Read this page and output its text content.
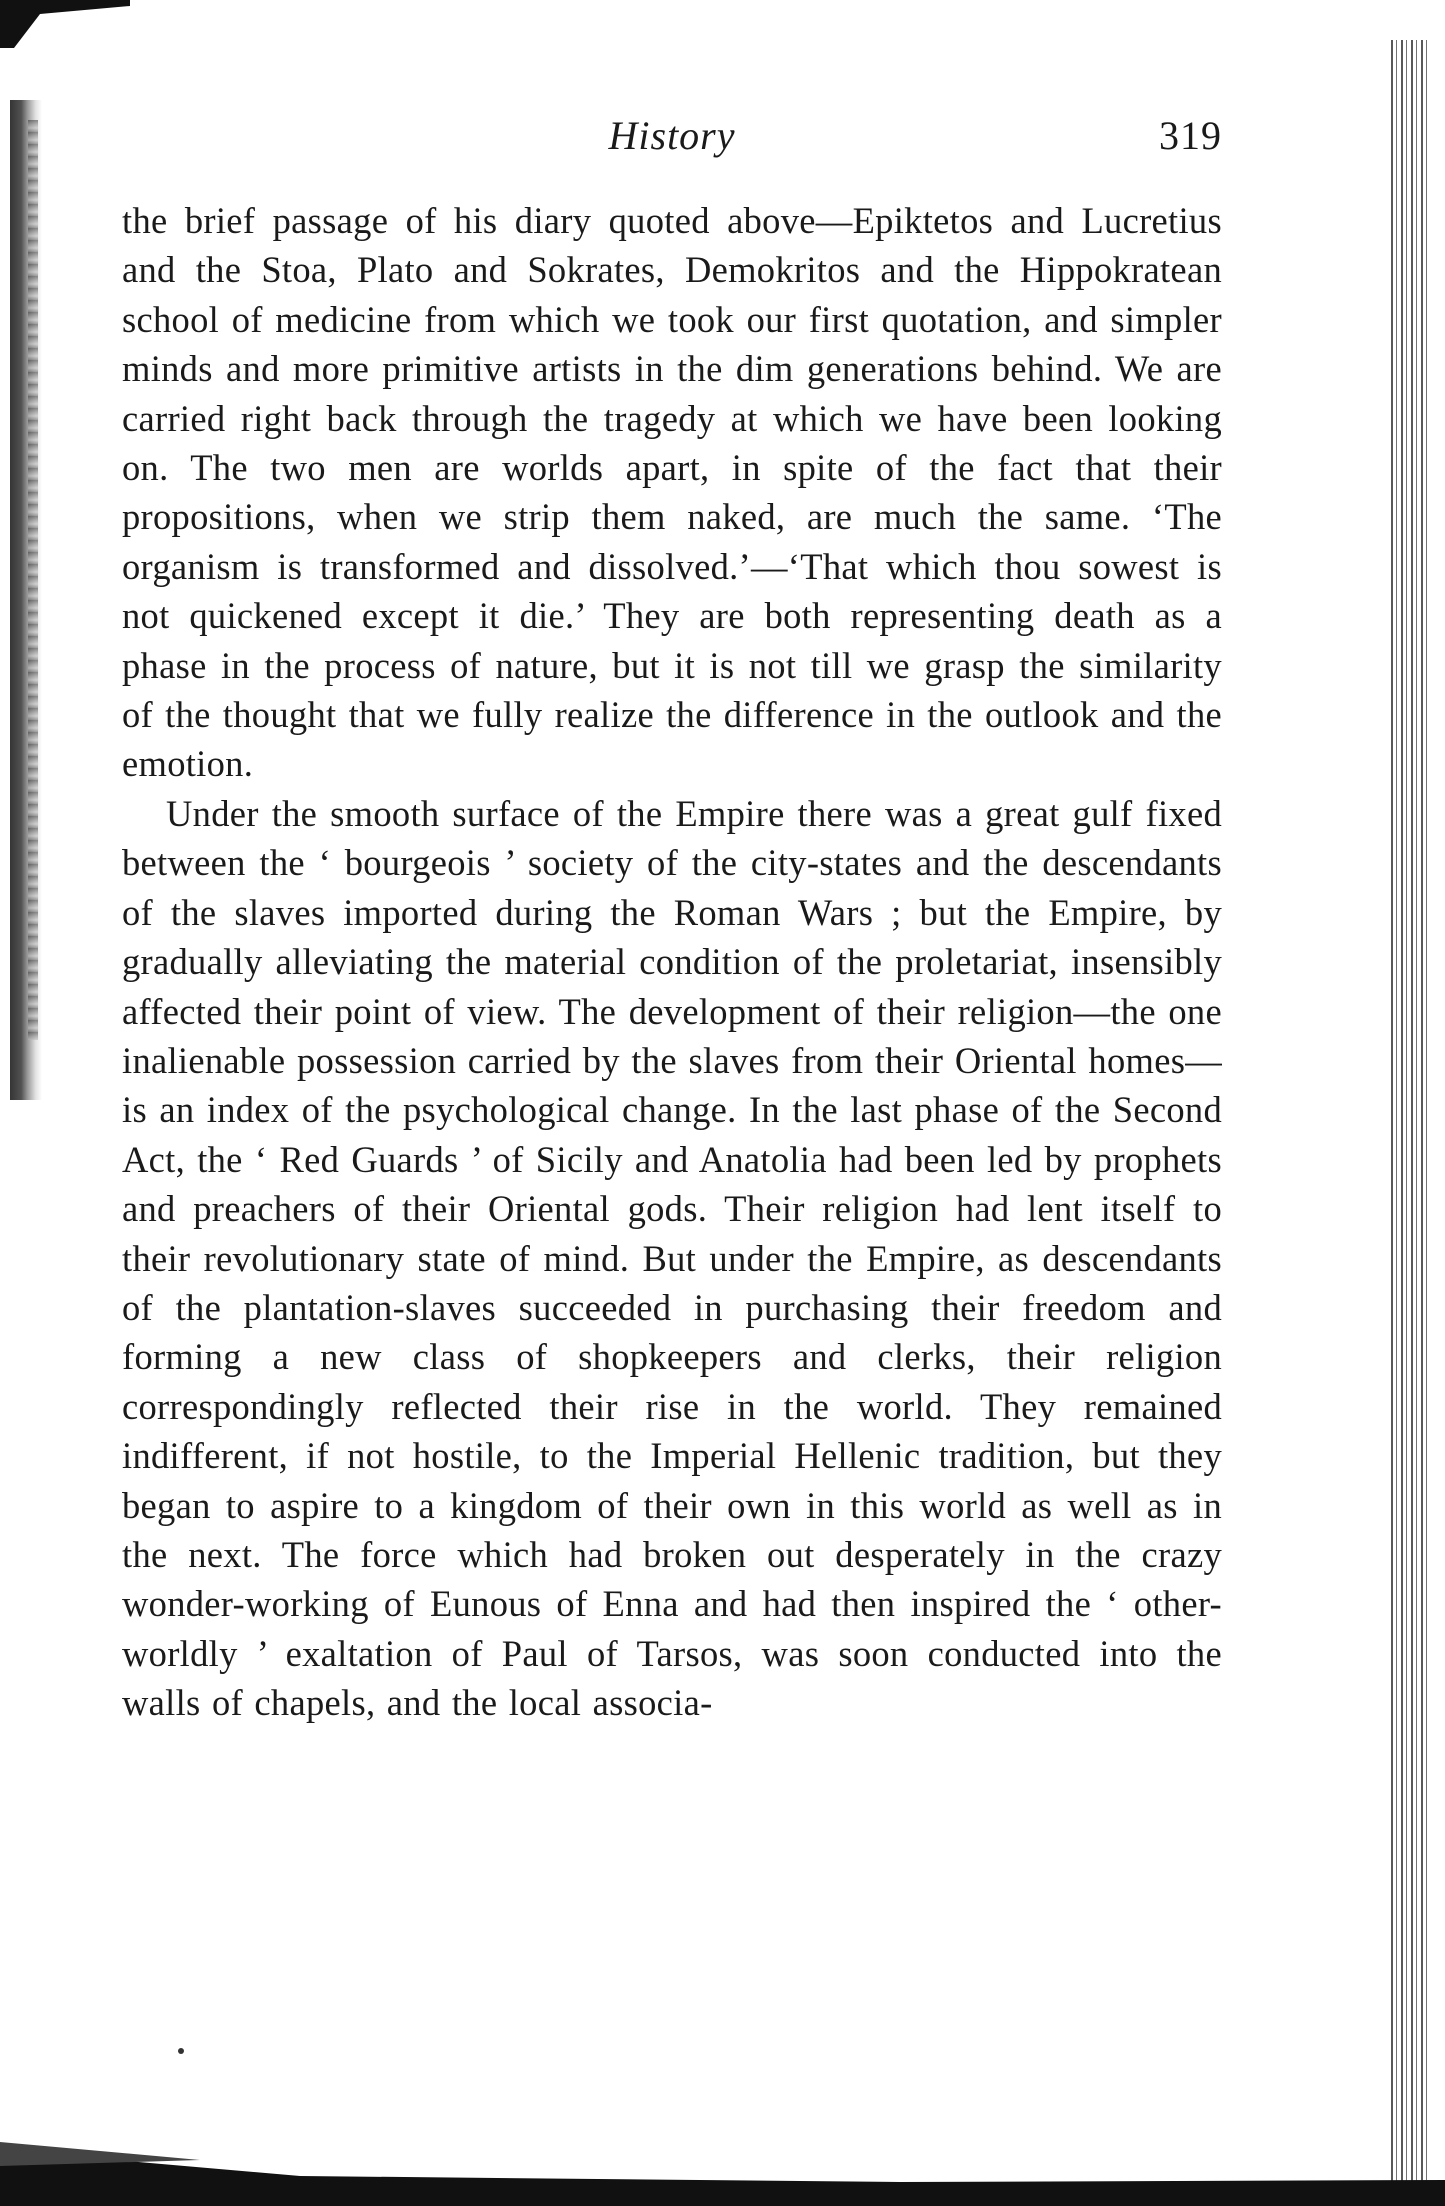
History	319

the brief passage of his diary quoted above—Epiktetos and Lucretius and the Stoa, Plato and Sokrates, Demokritos and the Hippokratean school of medicine from which we took our first quotation, and simpler minds and more primitive artists in the dim generations behind. We are carried right back through the tragedy at which we have been looking on. The two men are worlds apart, in spite of the fact that their propositions, when we strip them naked, are much the same. ‘The organism is transformed and dissolved.’—‘That which thou sowest is not quickened except it die.’ They are both representing death as a phase in the process of nature, but it is not till we grasp the similarity of the thought that we fully realize the difference in the outlook and the emotion.

Under the smooth surface of the Empire there was a great gulf fixed between the ‘ bourgeois ’ society of the city-states and the descendants of the slaves imported during the Roman Wars ; but the Empire, by gradually alleviating the material condition of the proletariat, insensibly affected their point of view. The development of their religion—the one inalienable possession carried by the slaves from their Oriental homes—is an index of the psychological change. In the last phase of the Second Act, the ‘ Red Guards ’ of Sicily and Anatolia had been led by prophets and preachers of their Oriental gods. Their religion had lent itself to their revolutionary state of mind. But under the Empire, as descendants of the plantation-slaves succeeded in purchasing their freedom and forming a new class of shopkeepers and clerks, their religion correspondingly reflected their rise in the world. They remained indifferent, if not hostile, to the Imperial Hellenic tradition, but they began to aspire to a kingdom of their own in this world as well as in the next. The force which had broken out desperately in the crazy wonder-working of Eunous of Enna and had then inspired the ‘ other-worldly ’ exaltation of Paul of Tarsos, was soon conducted into the walls of chapels, and the local associa-
